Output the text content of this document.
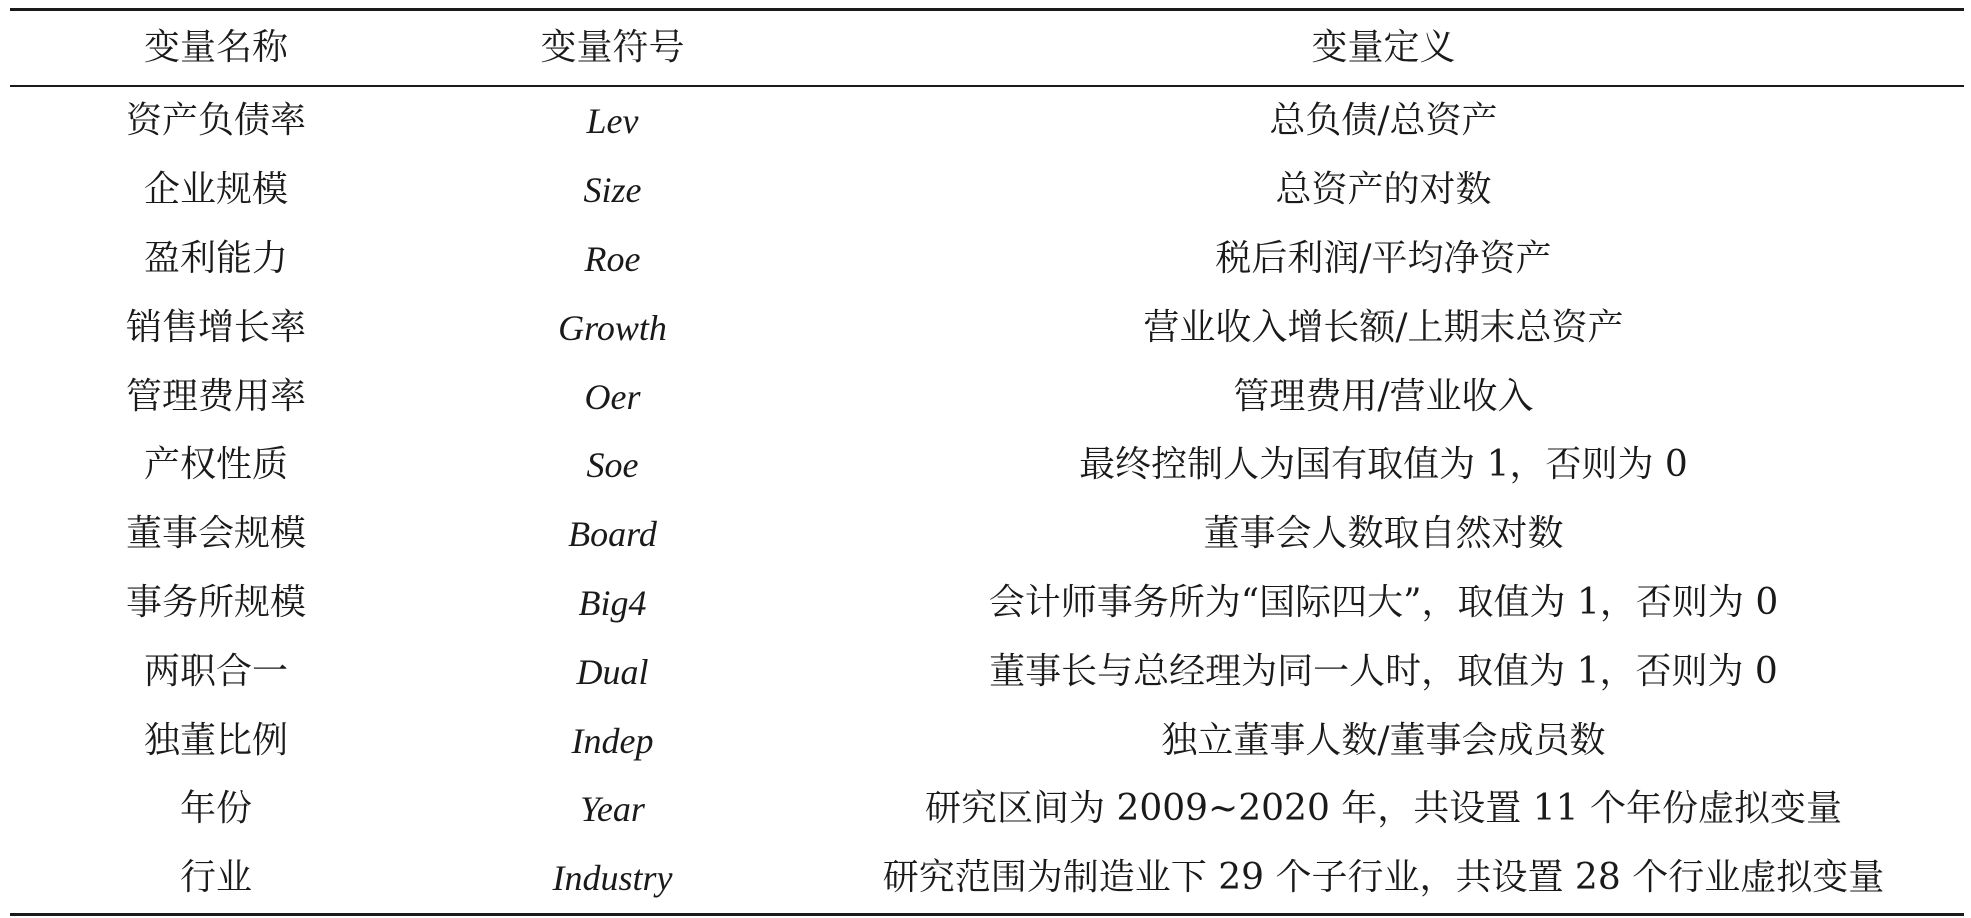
变量名称	变量符号	变量定义
资产负债率	Lev	总负债/总资产
企业规模	Size	总资产的对数
盈利能力	Roe	税后利润/平均净资产
销售增长率	Growth	营业收入增长额/上期末总资产
管理费用率	Oer	管理费用/营业收入
产权性质	Soe	最终控制人为国有取值为 1，否则为 0
董事会规模	Board	董事会人数取自然对数
事务所规模	Big4	会计师事务所为“国际四大”，取值为 1，否则为 0
两职合一	Dual	董事长与总经理为同一人时，取值为 1，否则为 0
独董比例	Indep	独立董事人数/董事会成员数
年份	Year	研究区间为 2009~2020 年，共设置 11 个年份虚拟变量
行业	Industry	研究范围为制造业下 29 个子行业，共设置 28 个行业虚拟变量
